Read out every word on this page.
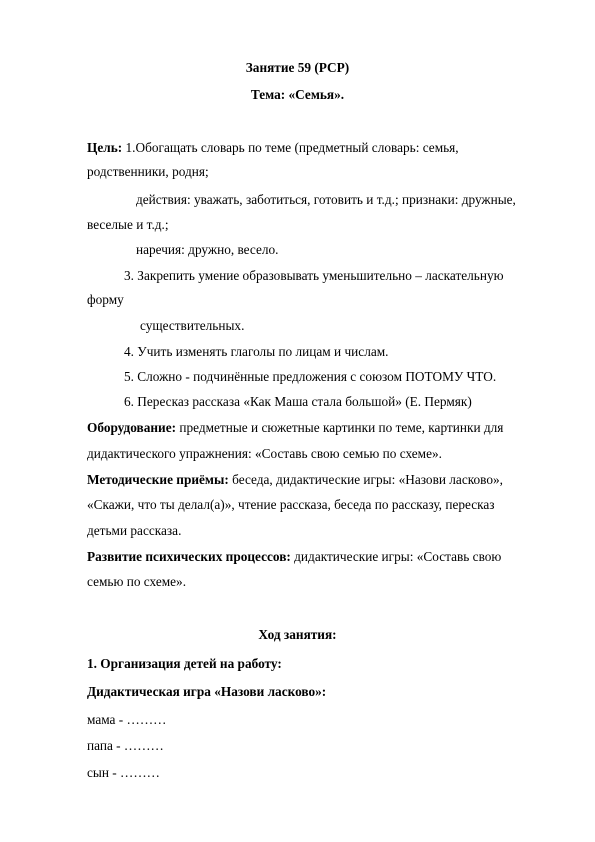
Занятие 59 (РСР)
Тема: «Семья».
Цель: 1.Обогащать словарь по теме (предметный словарь: семья,
родственники, родня;
действия: уважать, заботиться, готовить и т.д.; признаки: дружные,
веселые и т.д.;
наречия: дружно, весело.
3. Закрепить умение образовывать уменьшительно – ласкательную
форму
существительных.
4. Учить изменять глаголы по лицам и числам.
5. Сложно - подчинённые предложения с союзом ПОТОМУ ЧТО.
6. Пересказ рассказа «Как Маша стала большой» (Е. Пермяк)
Оборудование: предметные и сюжетные картинки по теме, картинки для
дидактического упражнения: «Составь свою семью по схеме».
Методические приёмы: беседа, дидактические игры: «Назови ласково»,
«Скажи, что ты делал(а)», чтение рассказа, беседа по рассказу, пересказ
детьми рассказа.
Развитие психических процессов: дидактические игры: «Составь свою
семью по схеме».
Ход занятия:
1. Организация детей на работу:
Дидактическая игра «Назови ласково»:
мама - ………
папа - ………
сын - ………
